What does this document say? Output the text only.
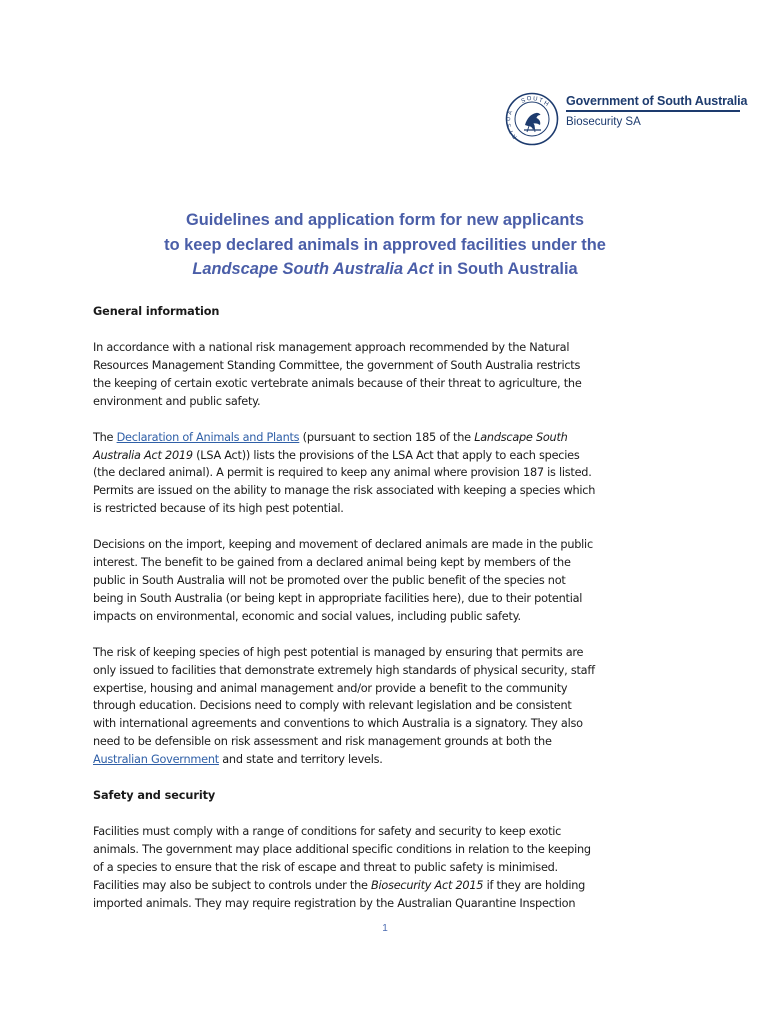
S O U T H
A
U
S
T
R
Government of South Australia
Biosecurity SA
Guidelines and application form for new applicants
to keep declared animals in approved facilities under the
Landscape South Australia Act in South Australia
General information

In accordance with a national risk management approach recommended by the Natural
Resources Management Standing Committee, the government of South Australia restricts
the keeping of certain exotic vertebrate animals because of their threat to agriculture, the
environment and public safety.

The Declaration of Animals and Plants (pursuant to section 185 of the Landscape South
Australia Act 2019 (LSA Act)) lists the provisions of the LSA Act that apply to each species
(the declared animal). A permit is required to keep any animal where provision 187 is listed.
Permits are issued on the ability to manage the risk associated with keeping a species which
is restricted because of its high pest potential.

Decisions on the import, keeping and movement of declared animals are made in the public
interest. The benefit to be gained from a declared animal being kept by members of the
public in South Australia will not be promoted over the public benefit of the species not
being in South Australia (or being kept in appropriate facilities here), due to their potential
impacts on environmental, economic and social values, including public safety.

The risk of keeping species of high pest potential is managed by ensuring that permits are
only issued to facilities that demonstrate extremely high standards of physical security, staff
expertise, housing and animal management and/or provide a benefit to the community
through education. Decisions need to comply with relevant legislation and be consistent
with international agreements and conventions to which Australia is a signatory. They also
need to be defensible on risk assessment and risk management grounds at both the
Australian Government and state and territory levels.

Safety and security

Facilities must comply with a range of conditions for safety and security to keep exotic
animals. The government may place additional specific conditions in relation to the keeping
of a species to ensure that the risk of escape and threat to public safety is minimised.
Facilities may also be subject to controls under the Biosecurity Act 2015 if they are holding
imported animals. They may require registration by the Australian Quarantine Inspection

1
